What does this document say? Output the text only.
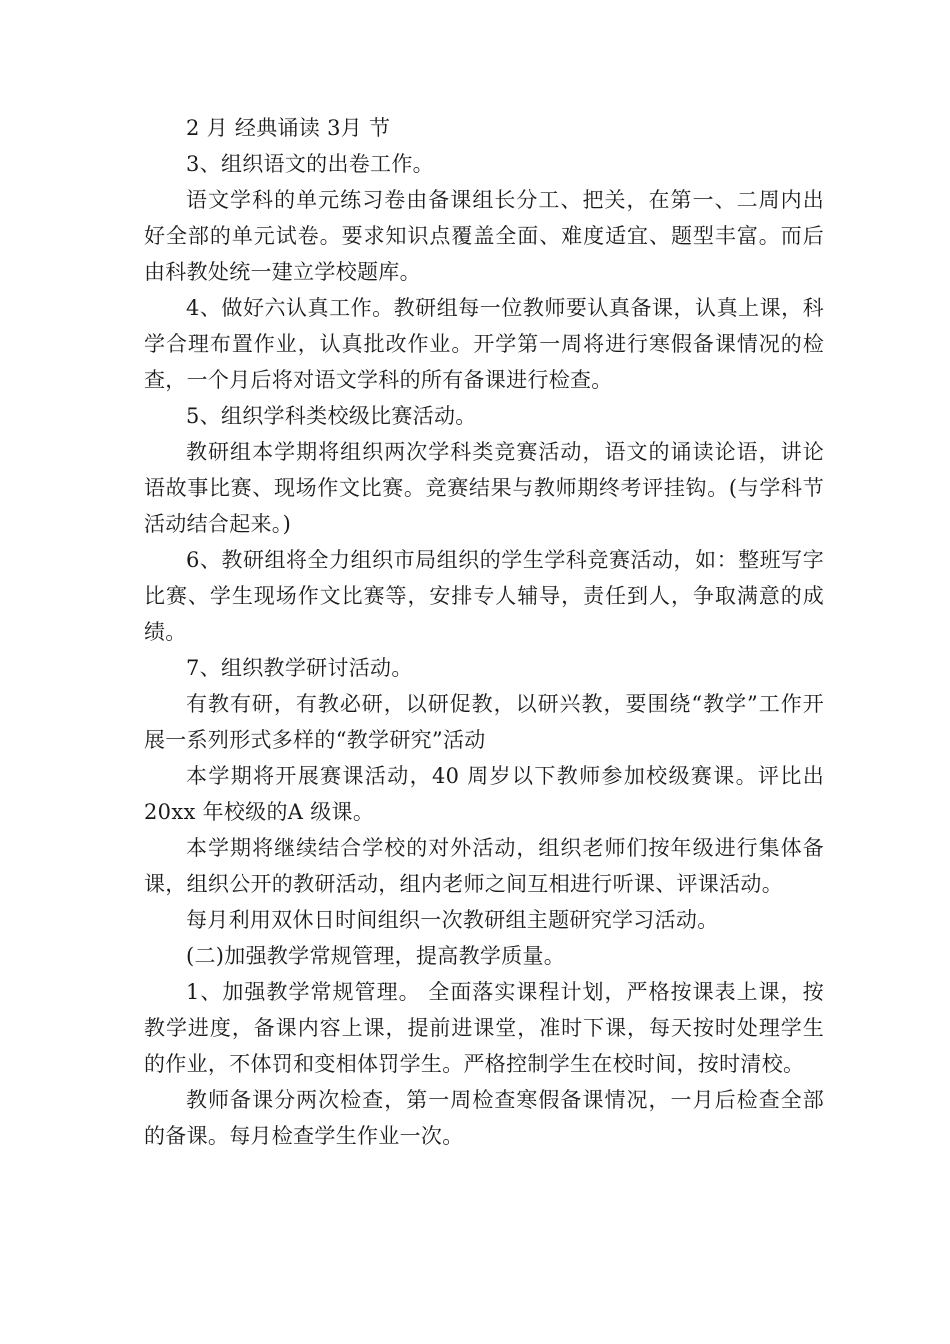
2 月 经典诵读 3月 节

3、组织语文的出卷工作。

语文学科的单元练习卷由备课组长分工、把关，在第一、二周内出好全部的单元试卷。要求知识点覆盖全面、难度适宜、题型丰富。而后由科教处统一建立学校题库。

4、做好六认真工作。教研组每一位教师要认真备课，认真上课，科学合理布置作业，认真批改作业。开学第一周将进行寒假备课情况的检查，一个月后将对语文学科的所有备课进行检查。

5、组织学科类校级比赛活动。

教研组本学期将组织两次学科类竞赛活动，语文的诵读论语，讲论语故事比赛、现场作文比赛。竞赛结果与教师期终考评挂钩。(与学科节活动结合起来。)

6、教研组将全力组织市局组织的学生学科竞赛活动，如：整班写字比赛、学生现场作文比赛等，安排专人辅导，责任到人，争取满意的成绩。

7、组织教学研讨活动。

有教有研，有教必研，以研促教，以研兴教，要围绕“教学”工作开展一系列形式多样的“教学研究”活动

本学期将开展赛课活动，40 周岁以下教师参加校级赛课。评比出20xx 年校级的A 级课。

本学期将继续结合学校的对外活动，组织老师们按年级进行集体备课，组织公开的教研活动，组内老师之间互相进行听课、评课活动。

每月利用双休日时间组织一次教研组主题研究学习活动。

(二)加强教学常规管理，提高教学质量。

1、加强教学常规管理。 全面落实课程计划，严格按课表上课，按教学进度，备课内容上课，提前进课堂，准时下课，每天按时处理学生的作业，不体罚和变相体罚学生。严格控制学生在校时间，按时清校。

教师备课分两次检查，第一周检查寒假备课情况，一月后检查全部的备课。每月检查学生作业一次。
